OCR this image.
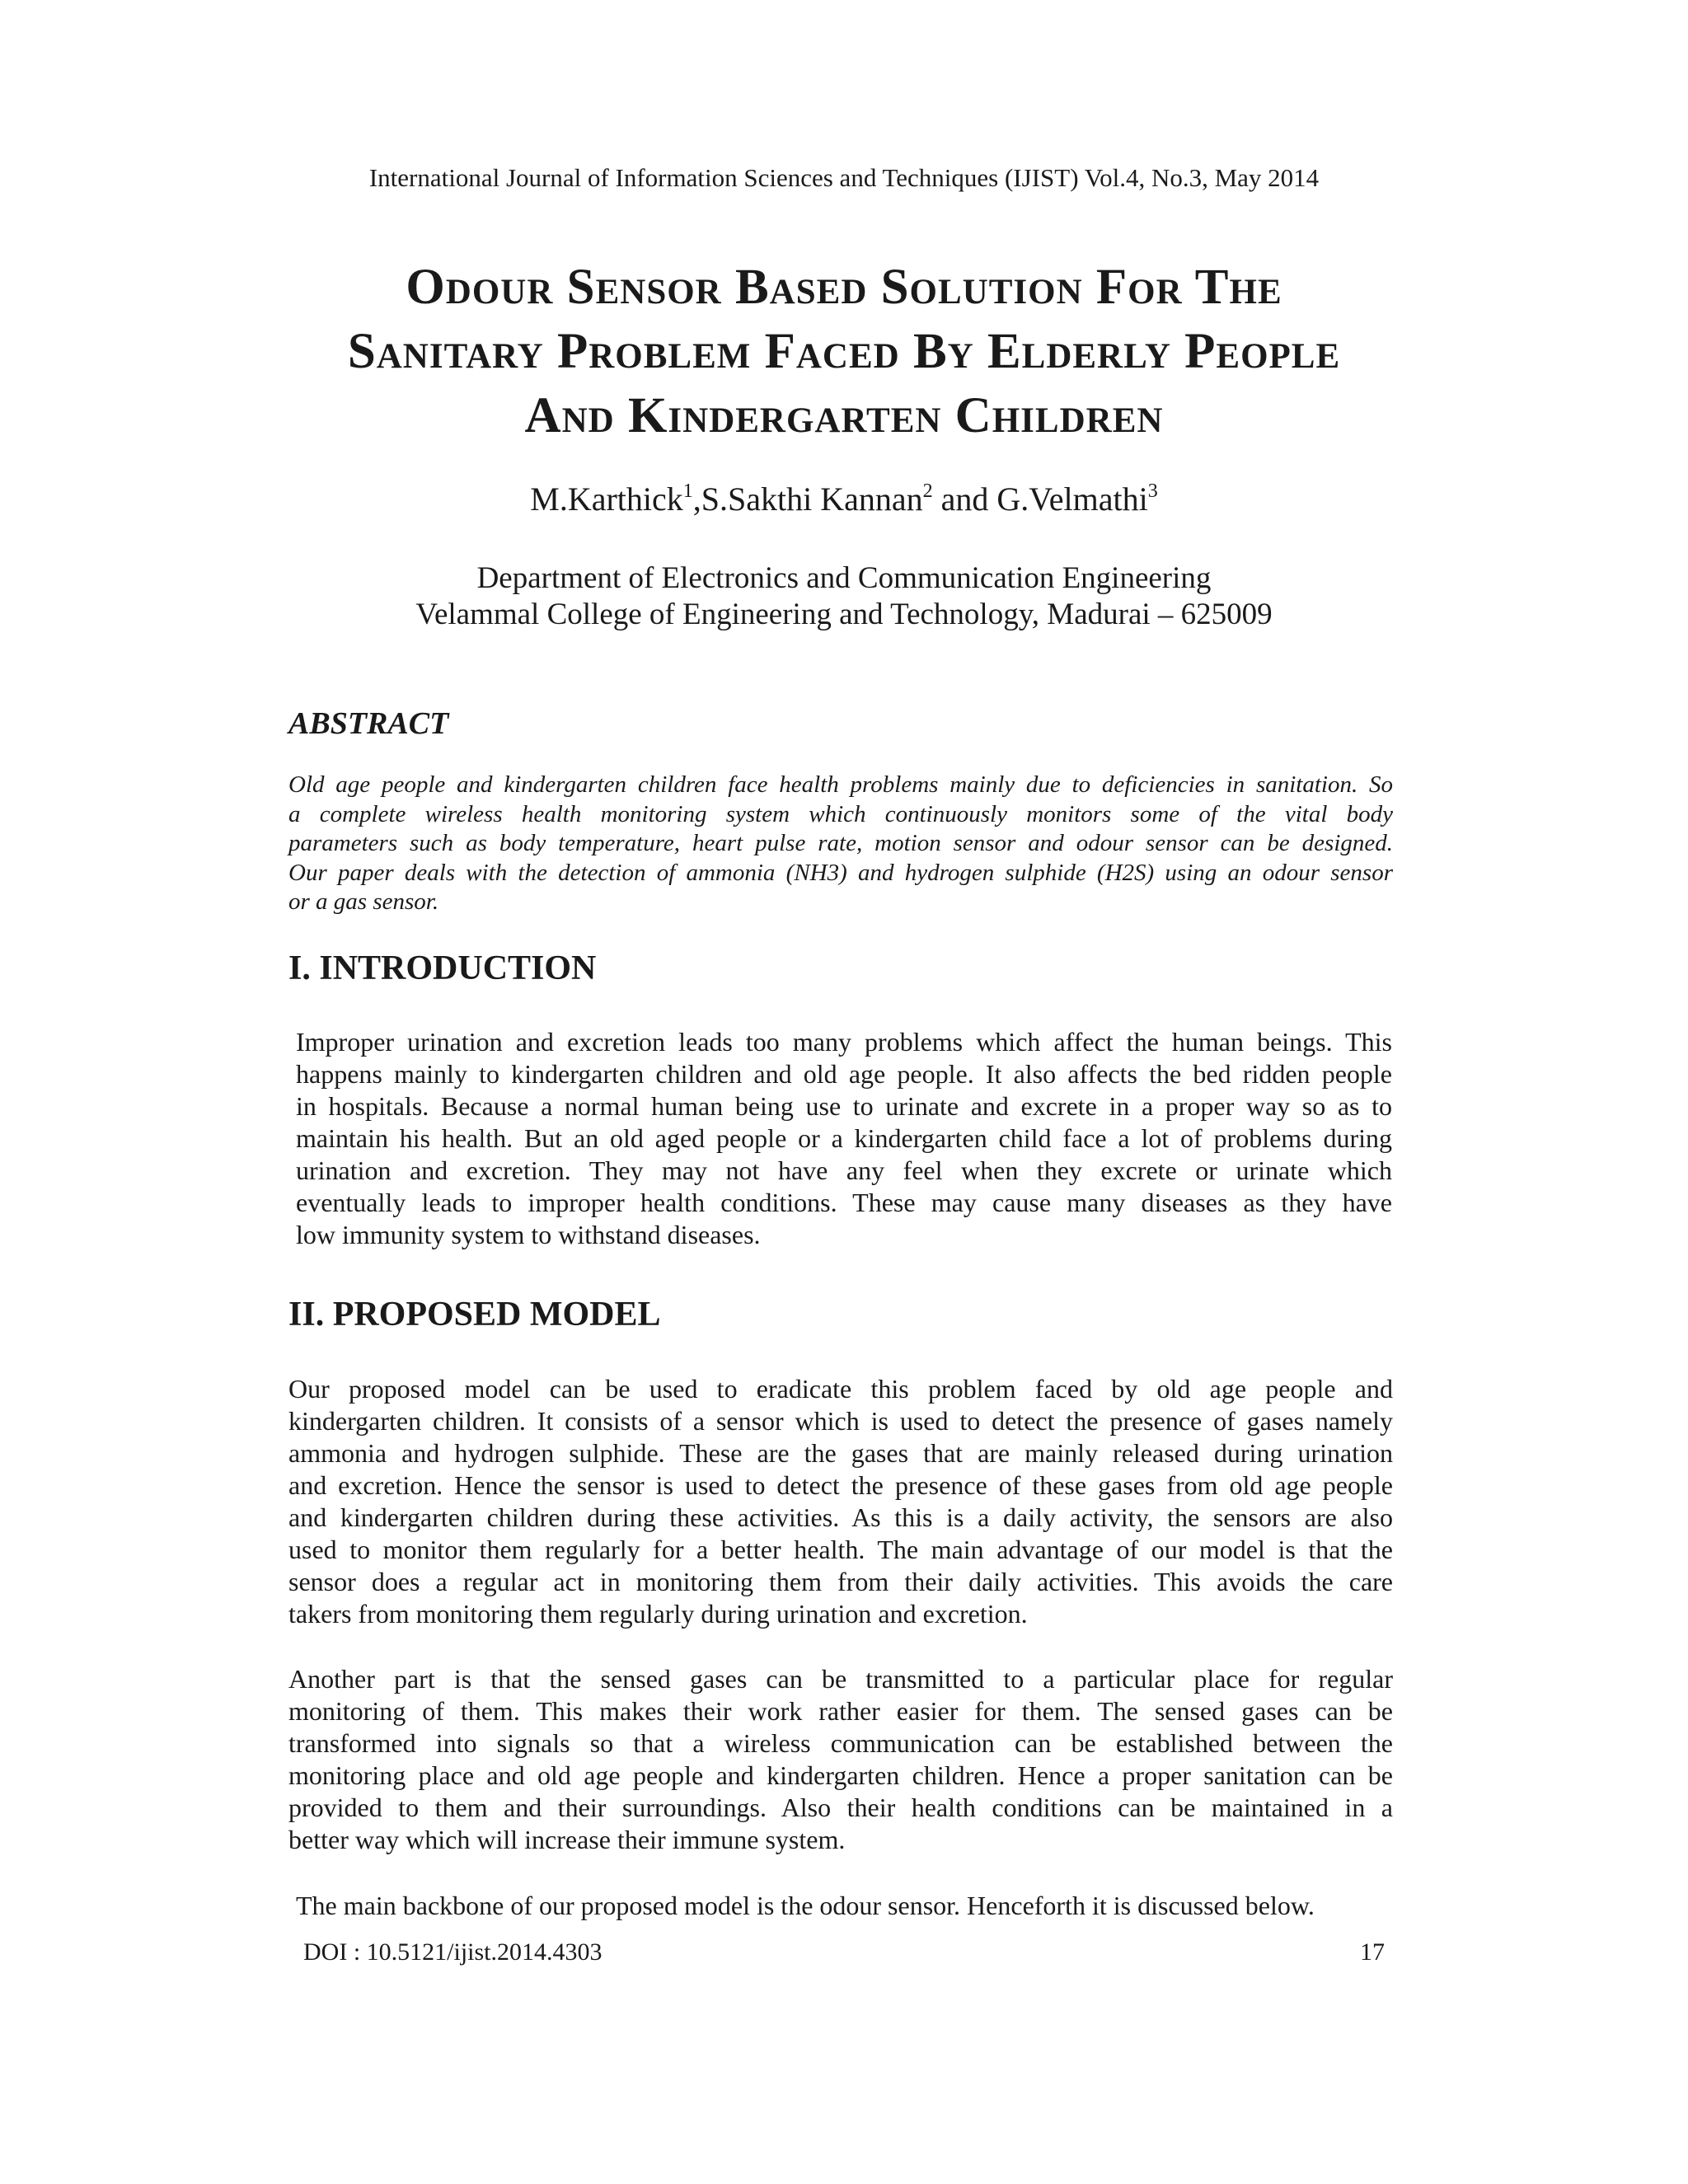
International Journal of Information Sciences and Techniques (IJIST) Vol.4, No.3, May 2014
Odour Sensor Based Solution For The
Sanitary Problem Faced By Elderly People
And Kindergarten Children
M.Karthick$^1$,S.Sakthi Kannan$^2$ and G.Velmathi$^3$
Department of Electronics and Communication Engineering
Velammal College of Engineering and Technology, Madurai – 625009
ABSTRACT
Old age people and kindergarten children face health problems mainly due to deficiencies in sanitation. So
a complete wireless health monitoring system which continuously monitors some of the vital body
parameters such as body temperature, heart pulse rate, motion sensor and odour sensor can be designed.
Our paper deals with the detection of ammonia (NH3) and hydrogen sulphide (H2S) using an odour sensor
or a gas sensor.
I. INTRODUCTION
Improper urination and excretion leads too many problems which affect the human beings. This
happens mainly to kindergarten children and old age people. It also affects the bed ridden people
in hospitals. Because a normal human being use to urinate and excrete in a proper way so as to
maintain his health. But an old aged people or a kindergarten child face a lot of problems during
urination and excretion. They may not have any feel when they excrete or urinate which
eventually leads to improper health conditions. These may cause many diseases as they have
low immunity system to withstand diseases.
II. PROPOSED MODEL
Our proposed model can be used to eradicate this problem faced by old age people and
kindergarten children. It consists of a sensor which is used to detect the presence of gases namely
ammonia and hydrogen sulphide. These are the gases that are mainly released during urination
and excretion. Hence the sensor is used to detect the presence of these gases from old age people
and kindergarten children during these activities. As this is a daily activity, the sensors are also
used to monitor them regularly for a better health. The main advantage of our model is that the
sensor does a regular act in monitoring them from their daily activities. This avoids the care
takers from monitoring them regularly during urination and excretion.
Another part is that the sensed gases can be transmitted to a particular place for regular
monitoring of them. This makes their work rather easier for them. The sensed gases can be
transformed into signals so that a wireless communication can be established between the
monitoring place and old age people and kindergarten children. Hence a proper sanitation can be
provided to them and their surroundings. Also their health conditions can be maintained in a
better way which will increase their immune system.
The main backbone of our proposed model is the odour sensor. Henceforth it is discussed below.
DOI : 10.5121/ijist.2014.4303	17
